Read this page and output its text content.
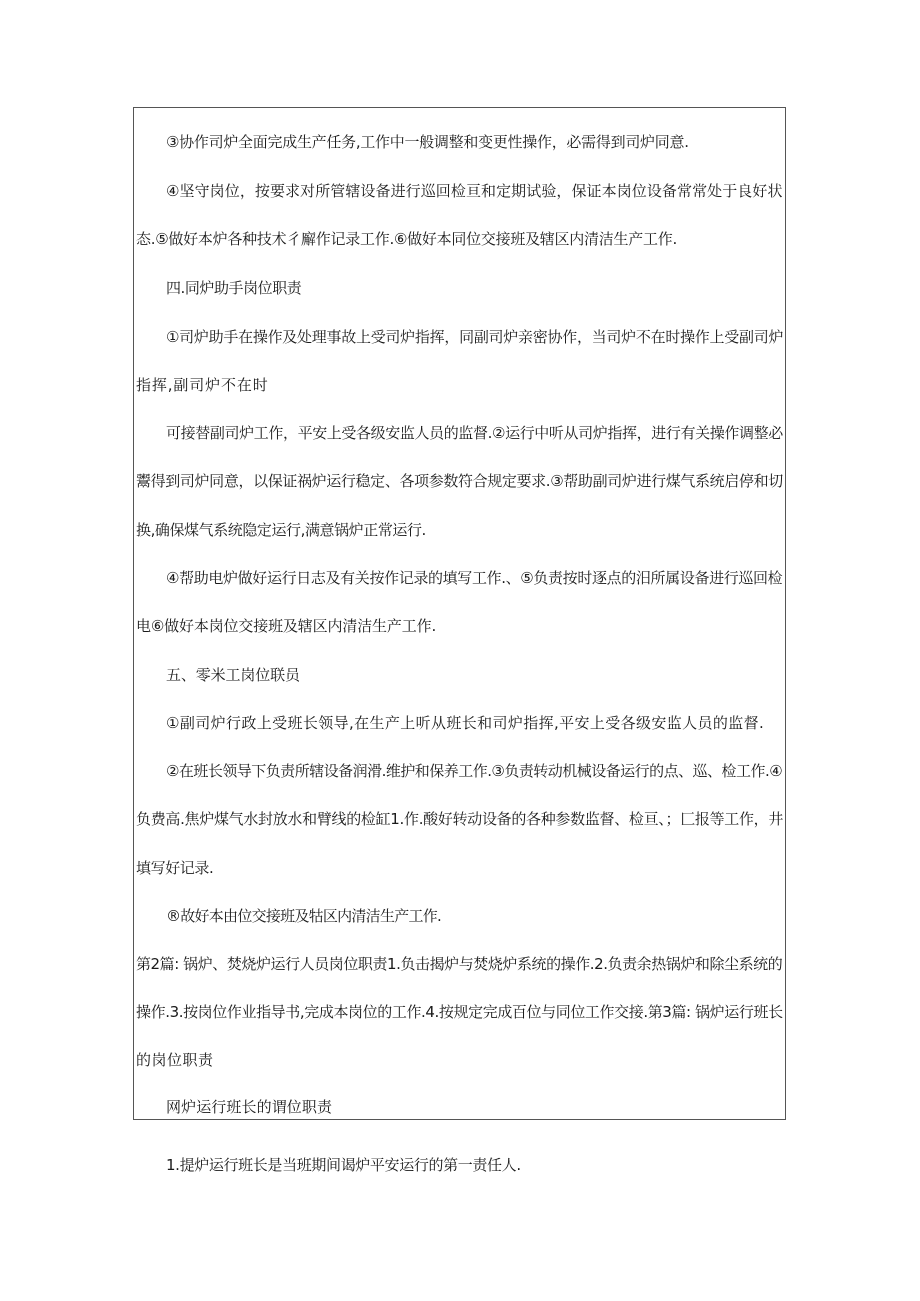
③协作司炉全面完成生产任务,工作中一般调整和变更性操作，必需得到司炉同意.
④坚守岗位，按要求对所管辖设备进行巡回检亘和定期试验，保证本岗位设备常常处于良好状
态.⑤做好本炉各种技术彳廨作记录工作.⑥做好本同位交接班及辖区内清洁生产工作.
四.同炉助手岗位职责
①司炉助手在操作及处理事故上受司炉指挥，同副司炉亲密协作，当司炉不在时操作上受副司炉
指挥,副司炉不在时
可接替副司炉工作，平安上受各级安监人员的监督.②运行中听从司炉指挥，进行有关操作调整必
鬻得到司炉同意，以保证祸炉运行稳定、各项参数符合规定要求.③帮助副司炉进行煤气系统启停和切
换,确保煤气系统隐定运行,满意锅炉正常运行.
④帮助电炉做好运行日志及有关按作记录的填写工作.、⑤负责按时逐点的汨所属设备进行巡回检
电⑥做好本岗位交接班及辖区内清洁生产工作.
五、零米工岗位联员
①副司炉行政上受班长领导,在生产上听从班长和司炉指挥,平安上受各级安监人员的监督.
②在班长领导下负责所辖设备润滑.维护和保养工作.③负责转动机械设备运行的点、巡、检工作.④
负费高.焦炉煤气水封放水和臂线的检缸1.作.酸好转动设备的各种参数监督、检亘、；匚报等工作，井
填写好记录.
®故好本由位交接班及牯区内清洁生产工作.
第2篇: 锅炉、焚烧炉运行人员岗位职责1.负击揭炉与焚烧炉系统的操作.2.负责余热锅炉和除尘系统的
操作.3.按岗位作业指导书,完成本岗位的工作.4.按规定完成百位与同位工作交接.第3篇: 锅炉运行班长
的岗位职责
网炉运行班长的谓位职责
1.提炉运行班长是当班期间谒炉平安运行的第一责任人.
